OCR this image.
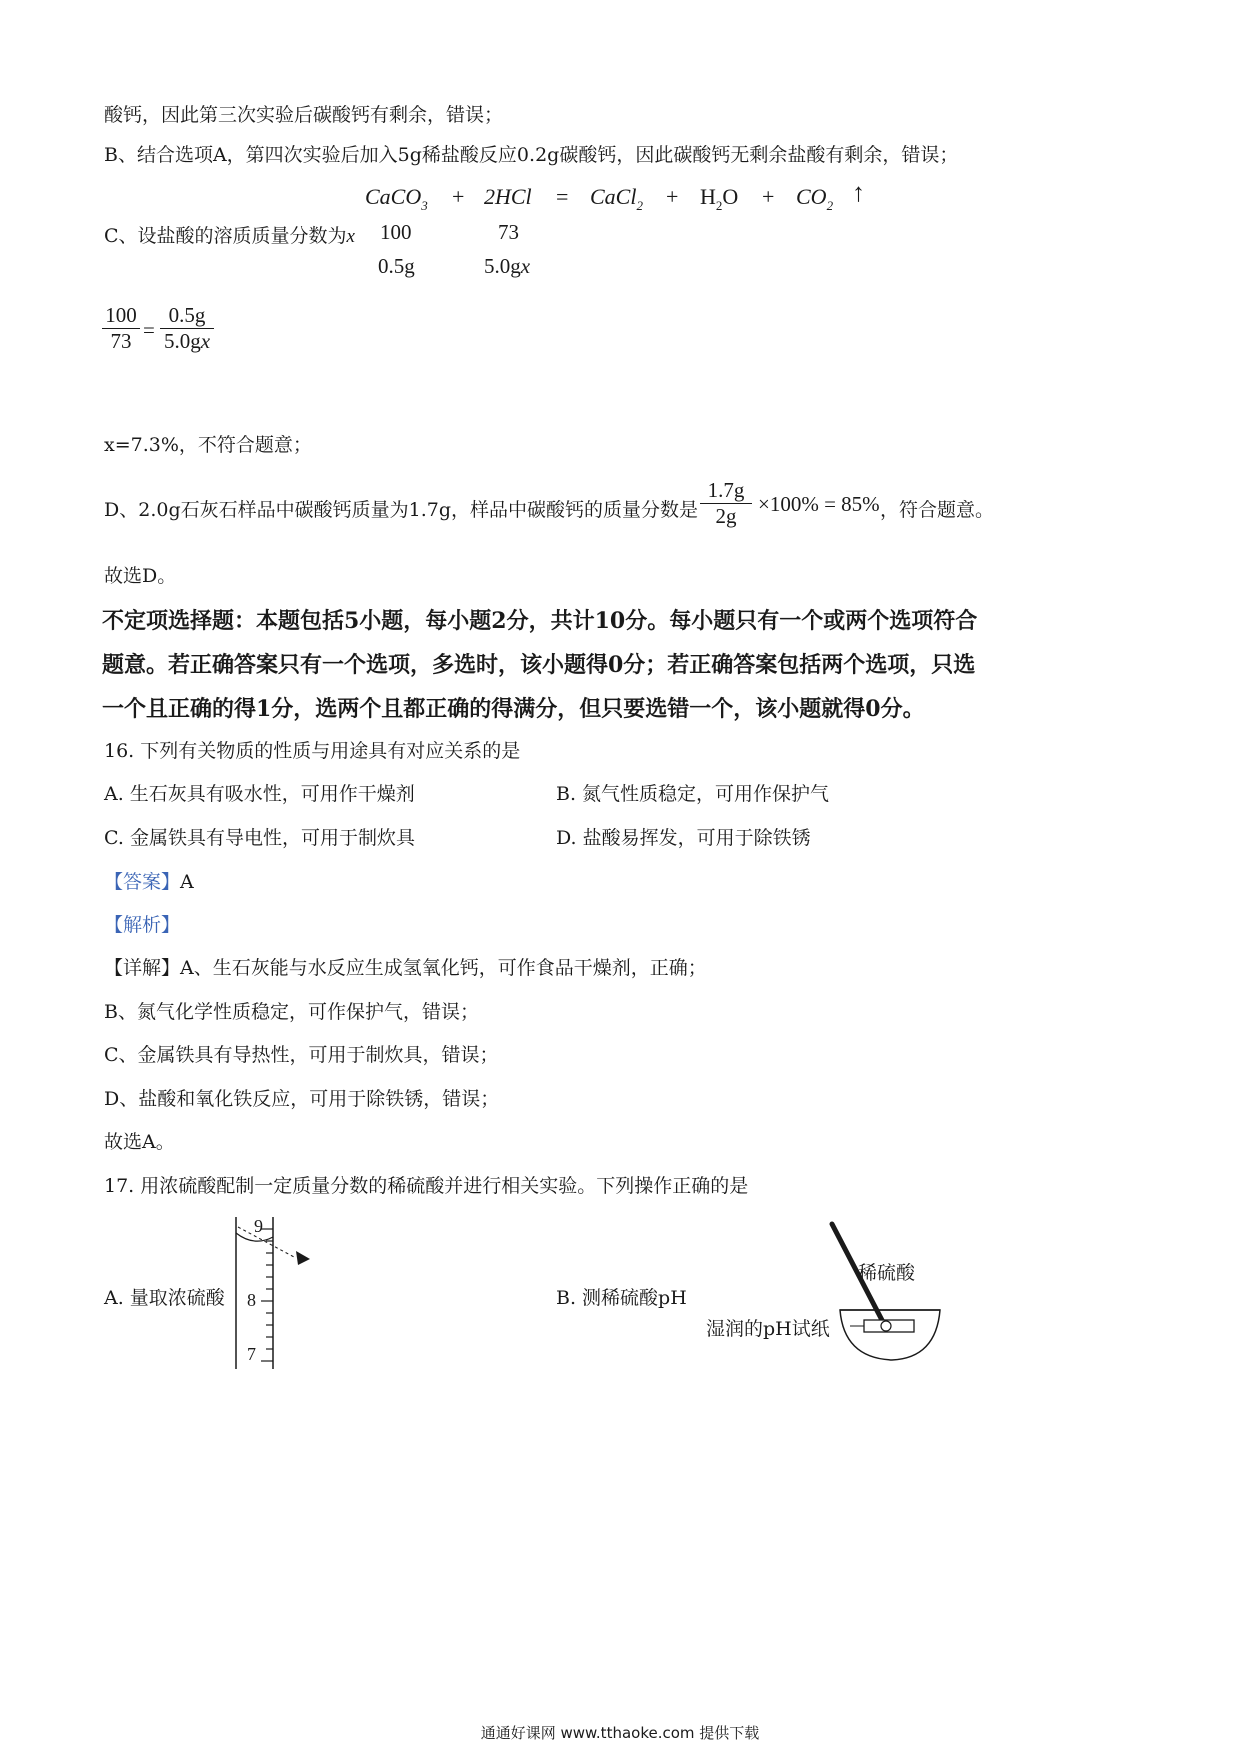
酸钙，因此第三次实验后碳酸钙有剩余，错误；
B、结合选项A，第四次实验后加入5g稀盐酸反应0.2g碳酸钙，因此碳酸钙无剩余盐酸有剩余，错误；
CaCO$_3$ + 2HCl = CaCl$_2$ + $H_2O + CO_2$ ↑
C、设盐酸的溶质质量分数为x 100	73
0.5g	5.0gx
$\frac{100}{73} = \frac{0.5g}{5.0gx}$
x=7.3%，不符合题意；
D、2.0g石灰石样品中碳酸钙质量为1.7g，样品中碳酸钙的质量分数是 $\frac{1.7g}{2g} \times 100\% = 85\%$ ，符合题意。
故选D。
不定项选择题：本题包括5小题，每小题2分，共计10分。每小题只有一个或两个选项符合
题意。若正确答案只有一个选项，多选时，该小题得0分；若正确答案包括两个选项，只选
一个且正确的得1分，选两个且都正确的得满分，但只要选错一个，该小题就得0分。
16. 下列有关物质的性质与用途具有对应关系的是
A. 生石灰具有吸水性，可用作干燥剂	B. 氮气性质稳定，可用作保护气
C. 金属铁具有导电性，可用于制炊具	D. 盐酸易挥发，可用于除铁锈
【答案】A
【解析】
【详解】A、生石灰能与水反应生成氢氧化钙，可作食品干燥剂，正确；
B、氮气化学性质稳定，可作保护气，错误；
C、金属铁具有导热性，可用于制炊具，错误；
D、盐酸和氧化铁反应，可用于除铁锈，错误；
故选A。
17. 用浓硫酸配制一定质量分数的稀硫酸并进行相关实验。下列操作正确的是
A. 量取浓硫酸	B. 测稀硫酸pH
9
8
7
稀硫酸
湿润的pH试纸
通通好课网 www.tthaoke.com 提供下载
